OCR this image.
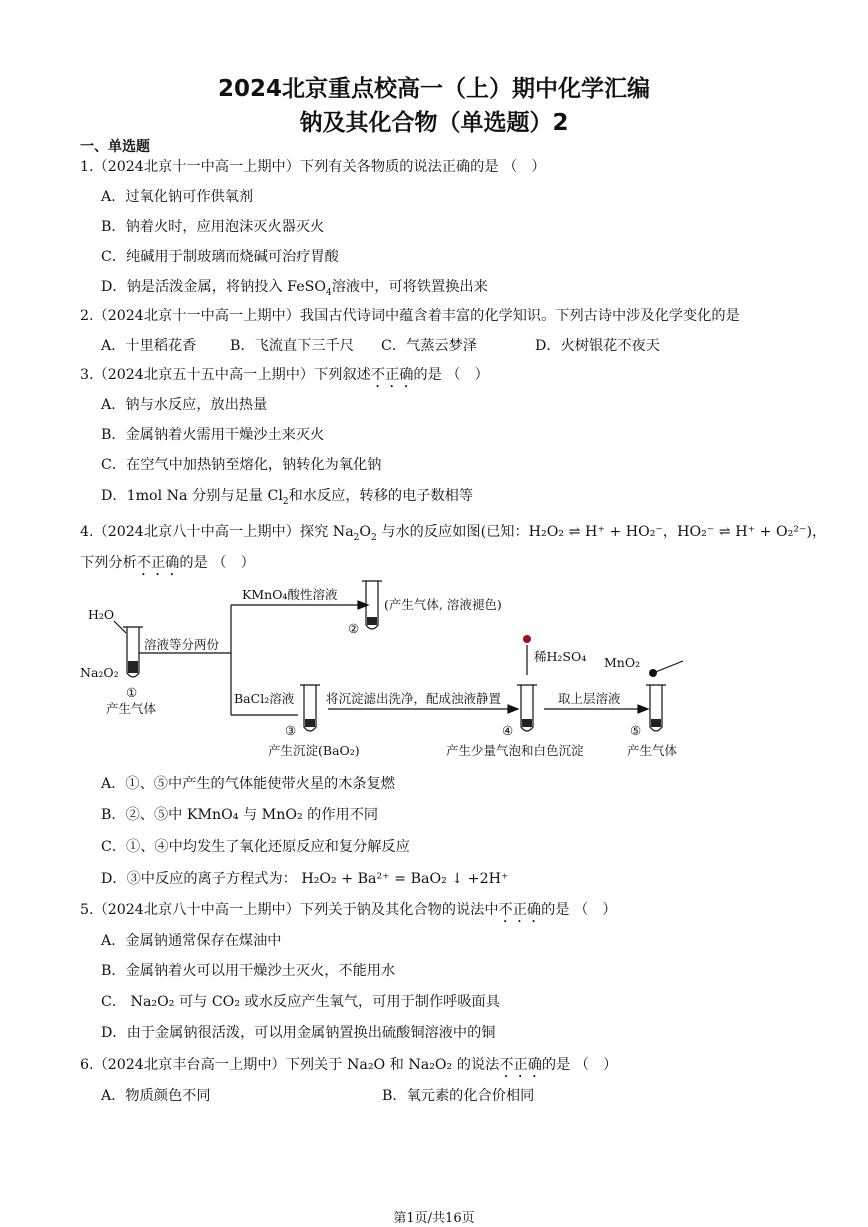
2024北京重点校高一（上）期中化学汇编
钠及其化合物（单选题）2
一、单选题
1.（2024北京十一中高一上期中）下列有关各物质的说法正确的是 （　）
A．过氧化钠可作供氧剂
B．钠着火时，应用泡沫灭火器灭火
C．纯碱用于制玻璃而烧碱可治疗胃酸
D．钠是活泼金属，将钠投入 FeSO$_4$溶液中，可将铁置换出来
2.（2024北京十一中高一上期中）我国古代诗词中蕴含着丰富的化学知识。下列古诗中涉及化学变化的是
A．十里稻花香 B．飞流直下三千尺 C．气蒸云梦泽	D．火树银花不夜天
3.（2024北京五十五中高一上期中）下列叙述不正确的是 （　）
A．钠与水反应，放出热量
B．金属钠着火需用干燥沙土来灭火
C．在空气中加热钠至熔化，钠转化为氧化钠
D．1mol Na 分别与足量 $Cl_2$和水反应，转移的电子数相等
4.（2024北京八十中高一上期中）探究 $Na_2O_2$ 与水的反应如图(已知：H₂O₂ ⇌ H⁺ + HO₂⁻，HO₂⁻ ⇌ H⁺ + O₂²⁻)，
下列分析不正确的是 （　）
H₂O
Na₂O₂
①
产生气体
溶液等分两份
KMnO₄酸性溶液
②
(产生气体, 溶液褪色)
BaCl₂溶液
③
产生沉淀(BaO₂)
将沉淀滤出洗净，配成浊液静置
稀H₂SO₄
④
产生少量气泡和白色沉淀
取上层溶液
MnO₂
⑤
产生气体
A．①、⑤中产生的气体能使带火星的木条复燃
B．②、⑤中 KMnO₄ 与 MnO₂ 的作用不同
C．①、④中均发生了氧化还原反应和复分解反应
D．③中反应的离子方程式为： H₂O₂ + Ba²⁺ = BaO₂ ↓ +2H⁺
5.（2024北京八十中高一上期中）下列关于钠及其化合物的说法中不正确的是 （　）
A．金属钠通常保存在煤油中
B．金属钠着火可以用干燥沙土灭火，不能用水
C． Na₂O₂ 可与 CO₂ 或水反应产生氧气，可用于制作呼吸面具
D．由于金属钠很活泼，可以用金属钠置换出硫酸铜溶液中的铜
6.（2024北京丰台高一上期中）下列关于 Na₂O 和 Na₂O₂ 的说法不正确的是 （　）
A．物质颜色不同	B．氧元素的化合价相同
第1页/共16页
